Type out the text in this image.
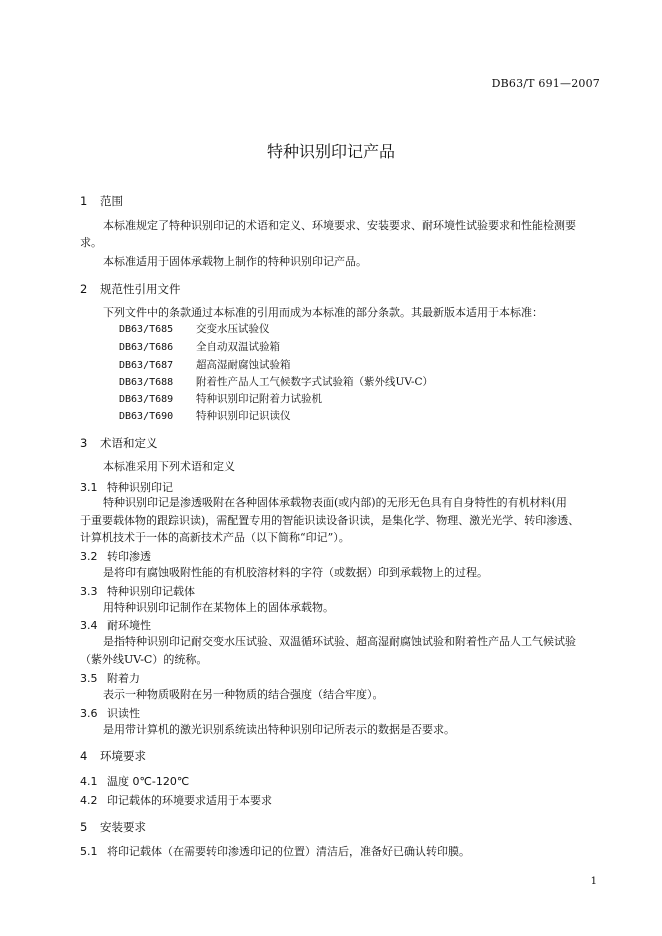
DB63/T 691—2007
特种识别印记产品
1 范围
本标准规定了特种识别印记的术语和定义、环境要求、安装要求、耐环境性试验要求和性能检测要
求。
本标准适用于固体承载物上制作的特种识别印记产品。
2 规范性引用文件
下列文件中的条款通过本标准的引用而成为本标准的部分条款。其最新版本适用于本标准：
DB63/T685 交变水压试验仪
DB63/T686 全自动双温试验箱
DB63/T687 超高湿耐腐蚀试验箱
DB63/T688 附着性产品人工气候数字式试验箱（紫外线UV-C）
DB63/T689 特种识别印记附着力试验机
DB63/T690 特种识别印记识读仪
3 术语和定义
本标准采用下列术语和定义
3.1 特种识别印记
特种识别印记是渗透吸附在各种固体承载物表面(或内部)的无形无色具有自身特性的有机材料(用
于重要载体物的跟踪识读)，需配置专用的智能识读设备识读，是集化学、物理、激光光学、转印渗透、
计算机技术于一体的高新技术产品（以下简称“印记”）。
3.2 转印渗透
是将印有腐蚀吸附性能的有机胶溶材料的字符（或数据）印到承载物上的过程。
3.3 特种识别印记载体
用特种识别印记制作在某物体上的固体承载物。
3.4 耐环境性
是指特种识别印记耐交变水压试验、双温循环试验、超高湿耐腐蚀试验和附着性产品人工气候试验
（紫外线UV-C）的统称。
3.5 附着力
表示一种物质吸附在另一种物质的结合强度（结合牢度）。
3.6 识读性
是用带计算机的激光识别系统读出特种识别印记所表示的数据是否要求。
4 环境要求
4.1 温度 0℃-120℃
4.2 印记载体的环境要求适用于本要求
5 安装要求
5.1 将印记载体（在需要转印渗透印记的位置）清洁后，准备好已确认转印膜。
1
